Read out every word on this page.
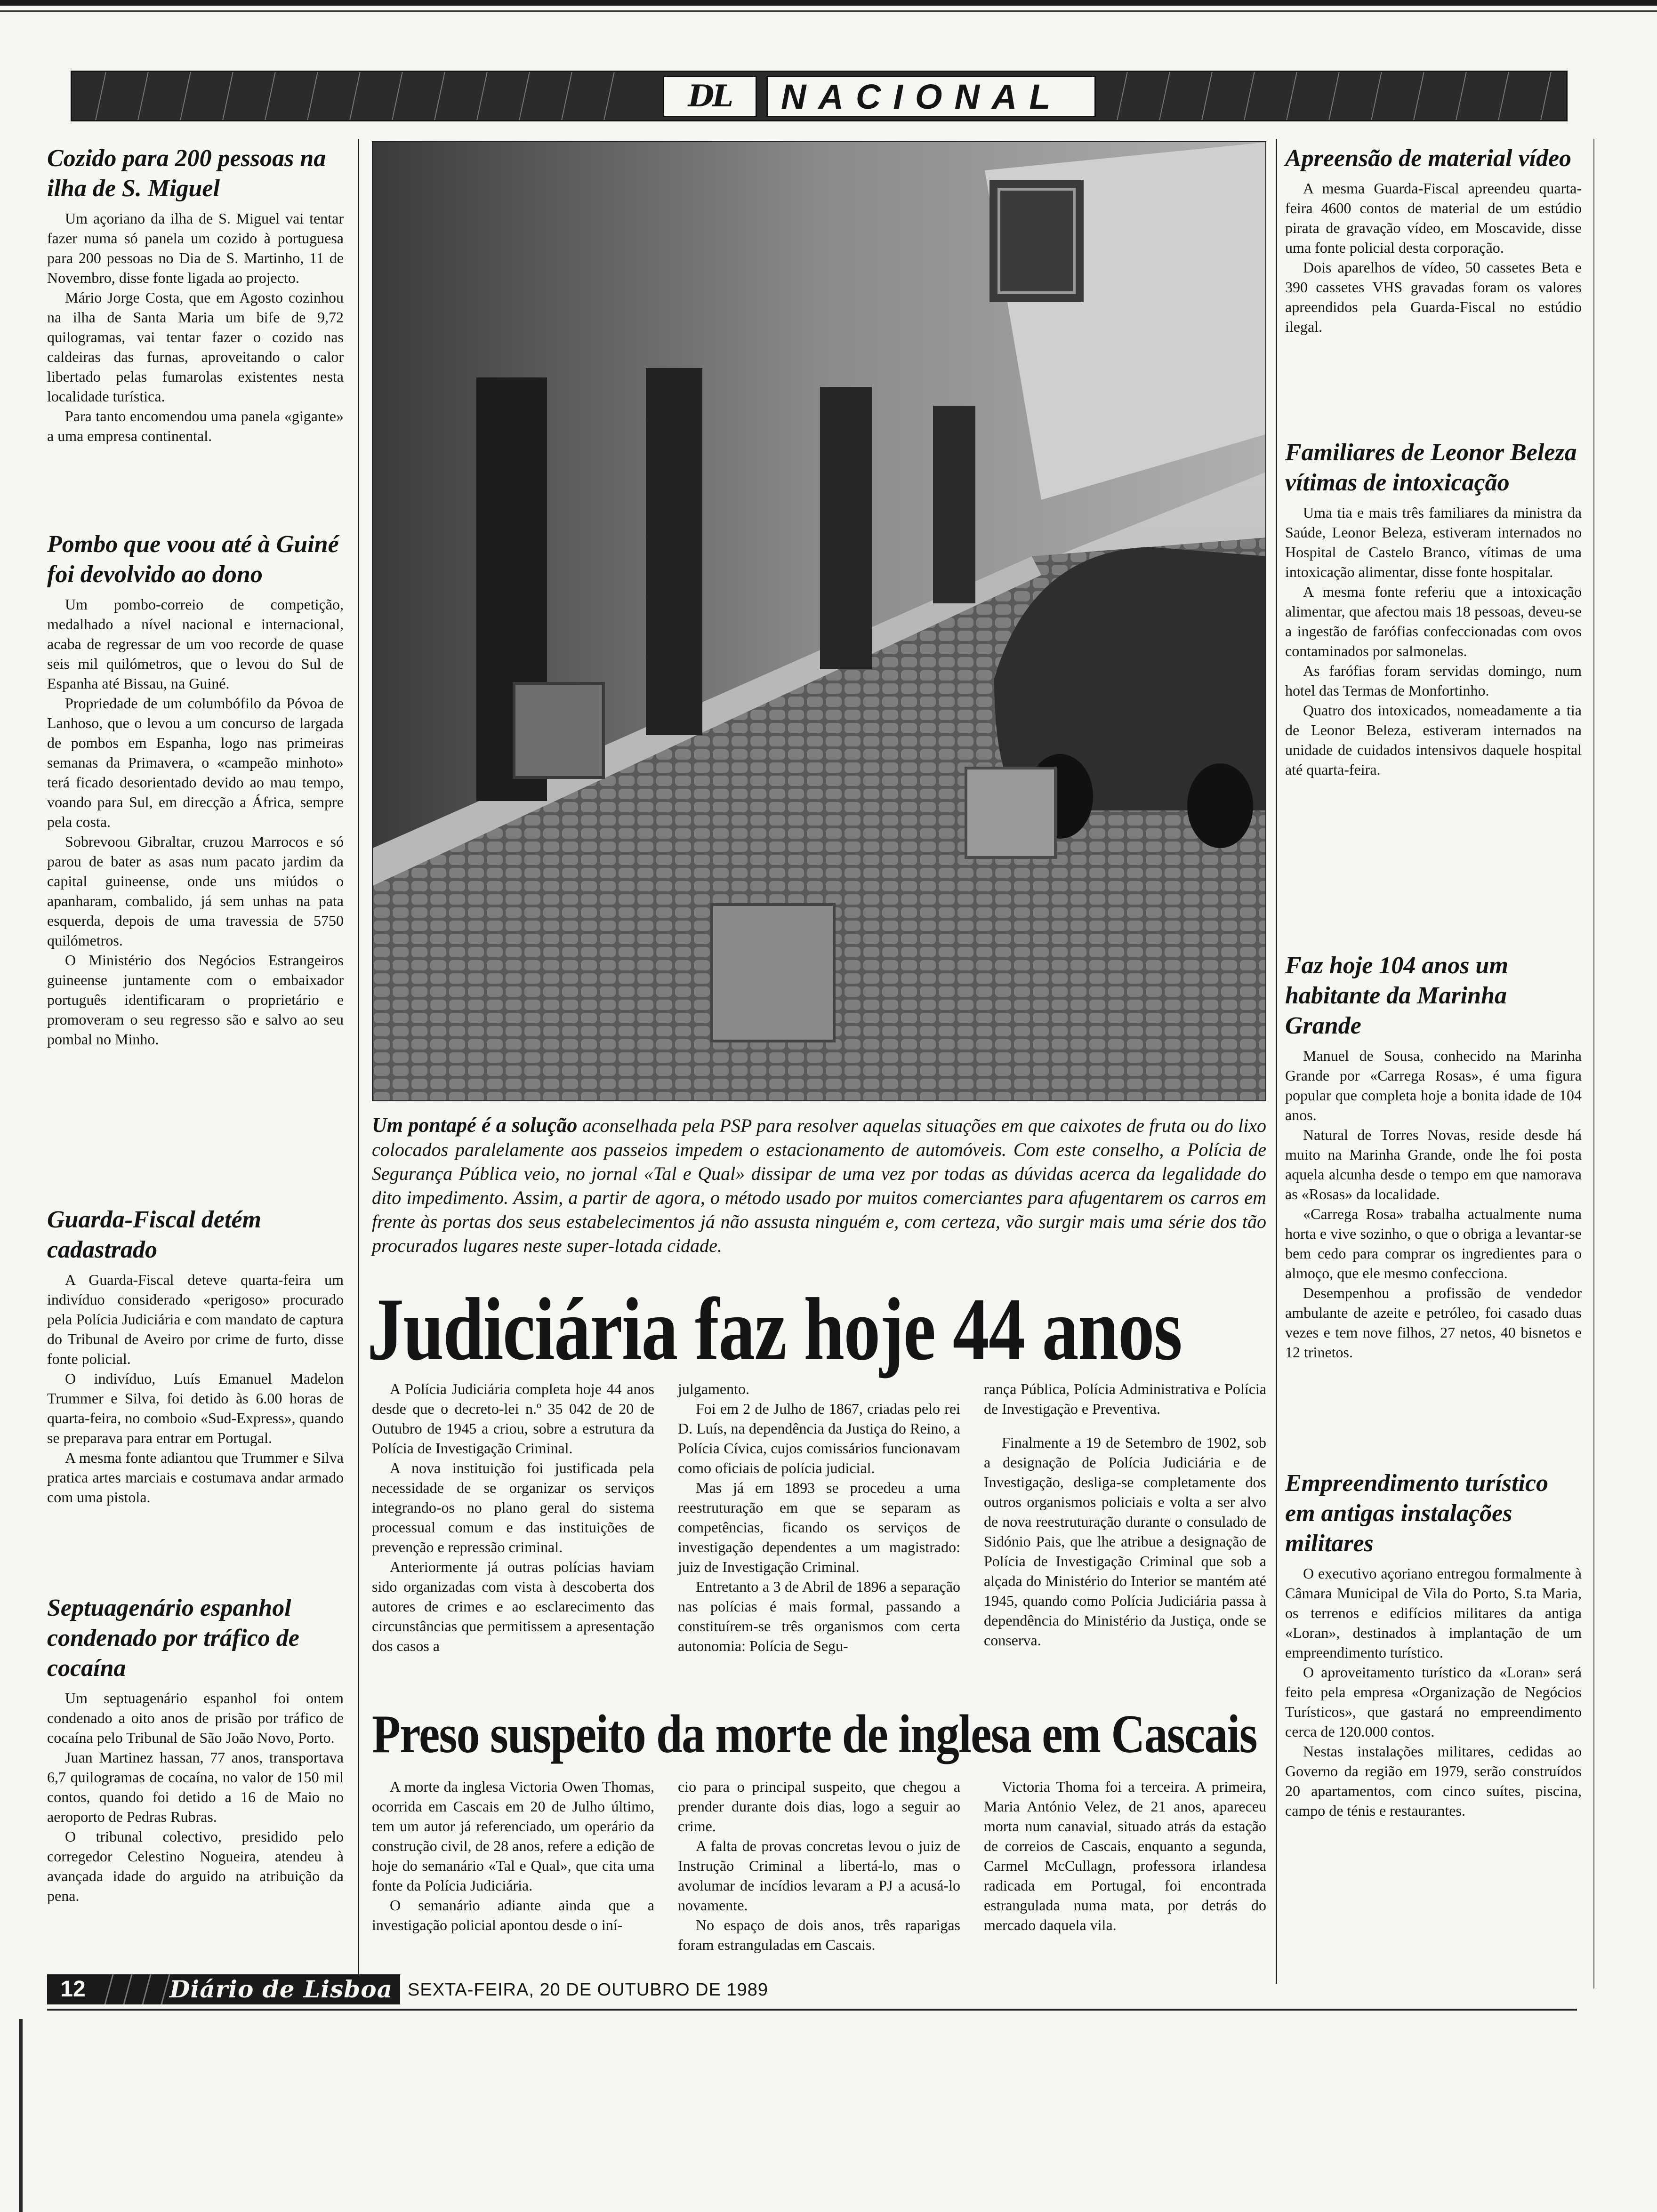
DL	NACIONAL
Cozido para 200 pessoas na ilha de S. Miguel

Um açoriano da ilha de S. Miguel vai tentar fazer numa só panela um cozido à portuguesa para 200 pessoas no Dia de S. Martinho, 11 de Novembro, disse fonte ligada ao projecto.

Mário Jorge Costa, que em Agosto cozinhou na ilha de Santa Maria um bife de 9,72 quilogramas, vai tentar fazer o cozido nas caldeiras das furnas, aproveitando o calor libertado pelas fumarolas existentes nesta localidade turística.

Para tanto encomendou uma panela «gigante» a uma empresa continental.

Pombo que voou até à Guiné foi devolvido ao dono

Um pombo-correio de competição, medalhado a nível nacional e internacional, acaba de regressar de um voo recorde de quase seis mil quilómetros, que o levou do Sul de Espanha até Bissau, na Guiné.

Propriedade de um columbófilo da Póvoa de Lanhoso, que o levou a um concurso de largada de pombos em Espanha, logo nas primeiras semanas da Primavera, o «campeão minhoto» terá ficado desorientado devido ao mau tempo, voando para Sul, em direcção a África, sempre pela costa.

Sobrevoou Gibraltar, cruzou Marrocos e só parou de bater as asas num pacato jardim da capital guineense, onde uns miúdos o apanharam, combalido, já sem unhas na pata esquerda, depois de uma travessia de 5750 quilómetros.

O Ministério dos Negócios Estrangeiros guineense juntamente com o embaixador português identificaram o proprietário e promoveram o seu regresso são e salvo ao seu pombal no Minho.

Guarda-Fiscal detém cadastrado

A Guarda-Fiscal deteve quarta-feira um indivíduo considerado «perigoso» procurado pela Polícia Judiciária e com mandato de captura do Tribunal de Aveiro por crime de furto, disse fonte policial.

O indivíduo, Luís Emanuel Madelon Trummer e Silva, foi detido às 6.00 horas de quarta-feira, no comboio «Sud-Express», quando se preparava para entrar em Portugal.

A mesma fonte adiantou que Trummer e Silva pratica artes marciais e costumava andar armado com uma pistola.

Septuagenário espanhol condenado por tráfico de cocaína

Um septuagenário espanhol foi ontem condenado a oito anos de prisão por tráfico de cocaína pelo Tribunal de São João Novo, Porto.

Juan Martinez hassan, 77 anos, transportava 6,7 quilogramas de cocaína, no valor de 150 mil contos, quando foi detido a 16 de Maio no aeroporto de Pedras Rubras.

O tribunal colectivo, presidido pelo corregedor Celestino Nogueira, atendeu à avançada idade do arguido na atribuição da pena.

Um pontapé é a solução aconselhada pela PSP para resolver aquelas situações em que caixotes de fruta ou do lixo colocados paralelamente aos passeios impedem o estacionamento de automóveis. Com este conselho, a Polícia de Segurança Pública veio, no jornal «Tal e Qual» dissipar de uma vez por todas as dúvidas acerca da legalidade do dito impedimento. Assim, a partir de agora, o método usado por muitos comerciantes para afugentarem os carros em frente às portas dos seus estabelecimentos já não assusta ninguém e, com certeza, vão surgir mais uma série dos tão procurados lugares neste super-lotada cidade.
Judiciária faz hoje 44 anos

A Polícia Judiciária completa hoje 44 anos desde que o decreto-lei n.º 35 042 de 20 de Outubro de 1945 a criou, sobre a estrutura da Polícia de Investigação Criminal.

A nova instituição foi justificada pela necessidade de se organizar os serviços integrando-os no plano geral do sistema processual comum e das instituições de prevenção e repressão criminal.

Anteriormente já outras polícias haviam sido organizadas com vista à descoberta dos autores de crimes e ao esclarecimento das circunstâncias que permitissem a apresentação dos casos a

julgamento.

Foi em 2 de Julho de 1867, criadas pelo rei D. Luís, na dependência da Justiça do Reino, a Polícia Cívica, cujos comissários funcionavam como oficiais de polícia judicial.

Mas já em 1893 se procedeu a uma reestruturação em que se separam as competências, ficando os serviços de investigação dependentes a um magistrado: juiz de Investigação Criminal.

Entretanto a 3 de Abril de 1896 a separação nas polícias é mais formal, passando a constituírem-se três organismos com certa autonomia: Polícia de Segu-

rança Pública, Polícia Administrativa e Polícia de Investigação e Preventiva.

Finalmente a 19 de Setembro de 1902, sob a designação de Polícia Judiciária e de Investigação, desliga-se completamente dos outros organismos policiais e volta a ser alvo de nova reestruturação durante o consulado de Sidónio Pais, que lhe atribue a designação de Polícia de Investigação Criminal que sob a alçada do Ministério do Interior se mantém até 1945, quando como Polícia Judiciária passa à dependência do Ministério da Justiça, onde se conserva.

Preso suspeito da morte de inglesa em Cascais

A morte da inglesa Victoria Owen Thomas, ocorrida em Cascais em 20 de Julho último, tem um autor já referenciado, um operário da construção civil, de 28 anos, refere a edição de hoje do semanário «Tal e Qual», que cita uma fonte da Polícia Judiciária.

O semanário adiante ainda que a investigação policial apontou desde o iní-

cio para o principal suspeito, que chegou a prender durante dois dias, logo a seguir ao crime.

A falta de provas concretas levou o juiz de Instrução Criminal a libertá-lo, mas o avolumar de incídios levaram a PJ a acusá-lo novamente.

No espaço de dois anos, três raparigas foram estranguladas em Cascais.

Victoria Thoma foi a terceira. A primeira, Maria António Velez, de 21 anos, apareceu morta num canavial, situado atrás da estação de correios de Cascais, enquanto a segunda, Carmel McCullagn, professora irlandesa radicada em Portugal, foi encontrada estrangulada numa mata, por detrás do mercado daquela vila.

Apreensão de material vídeo

A mesma Guarda-Fiscal apreendeu quarta-feira 4600 contos de material de um estúdio pirata de gravação vídeo, em Moscavide, disse uma fonte policial desta corporação.

Dois aparelhos de vídeo, 50 cassetes Beta e 390 cassetes VHS gravadas foram os valores apreendidos pela Guarda-Fiscal no estúdio ilegal.

Familiares de Leonor Beleza vítimas de intoxicação

Uma tia e mais três familiares da ministra da Saúde, Leonor Beleza, estiveram internados no Hospital de Castelo Branco, vítimas de uma intoxicação alimentar, disse fonte hospitalar.

A mesma fonte referiu que a intoxicação alimentar, que afectou mais 18 pessoas, deveu-se a ingestão de farófias confeccionadas com ovos contaminados por salmonelas.

As farófias foram servidas domingo, num hotel das Termas de Monfortinho.

Quatro dos intoxicados, nomeadamente a tia de Leonor Beleza, estiveram internados na unidade de cuidados intensivos daquele hospital até quarta-feira.

Faz hoje 104 anos um habitante da Marinha Grande

Manuel de Sousa, conhecido na Marinha Grande por «Carrega Rosas», é uma figura popular que completa hoje a bonita idade de 104 anos.

Natural de Torres Novas, reside desde há muito na Marinha Grande, onde lhe foi posta aquela alcunha desde o tempo em que namorava as «Rosas» da localidade.

«Carrega Rosa» trabalha actualmente numa horta e vive sozinho, o que o obriga a levantar-se bem cedo para comprar os ingredientes para o almoço, que ele mesmo confecciona.

Desempenhou a profissão de vendedor ambulante de azeite e petróleo, foi casado duas vezes e tem nove filhos, 27 netos, 40 bisnetos e 12 trinetos.

Empreendimento turístico em antigas instalações militares

O executivo açoriano entregou formalmente à Câmara Municipal de Vila do Porto, S.ta Maria, os terrenos e edifícios militares da antiga «Loran», destinados à implantação de um empreendimento turístico.

O aproveitamento turístico da «Loran» será feito pela empresa «Organização de Negócios Turísticos», que gastará no empreendimento cerca de 120.000 contos.

Nestas instalações militares, cedidas ao Governo da região em 1979, serão construídos 20 apartamentos, com cinco suítes, piscina, campo de ténis e restaurantes.

12	Diário de Lisboa SEXTA-FEIRA, 20 DE OUTUBRO DE 1989
